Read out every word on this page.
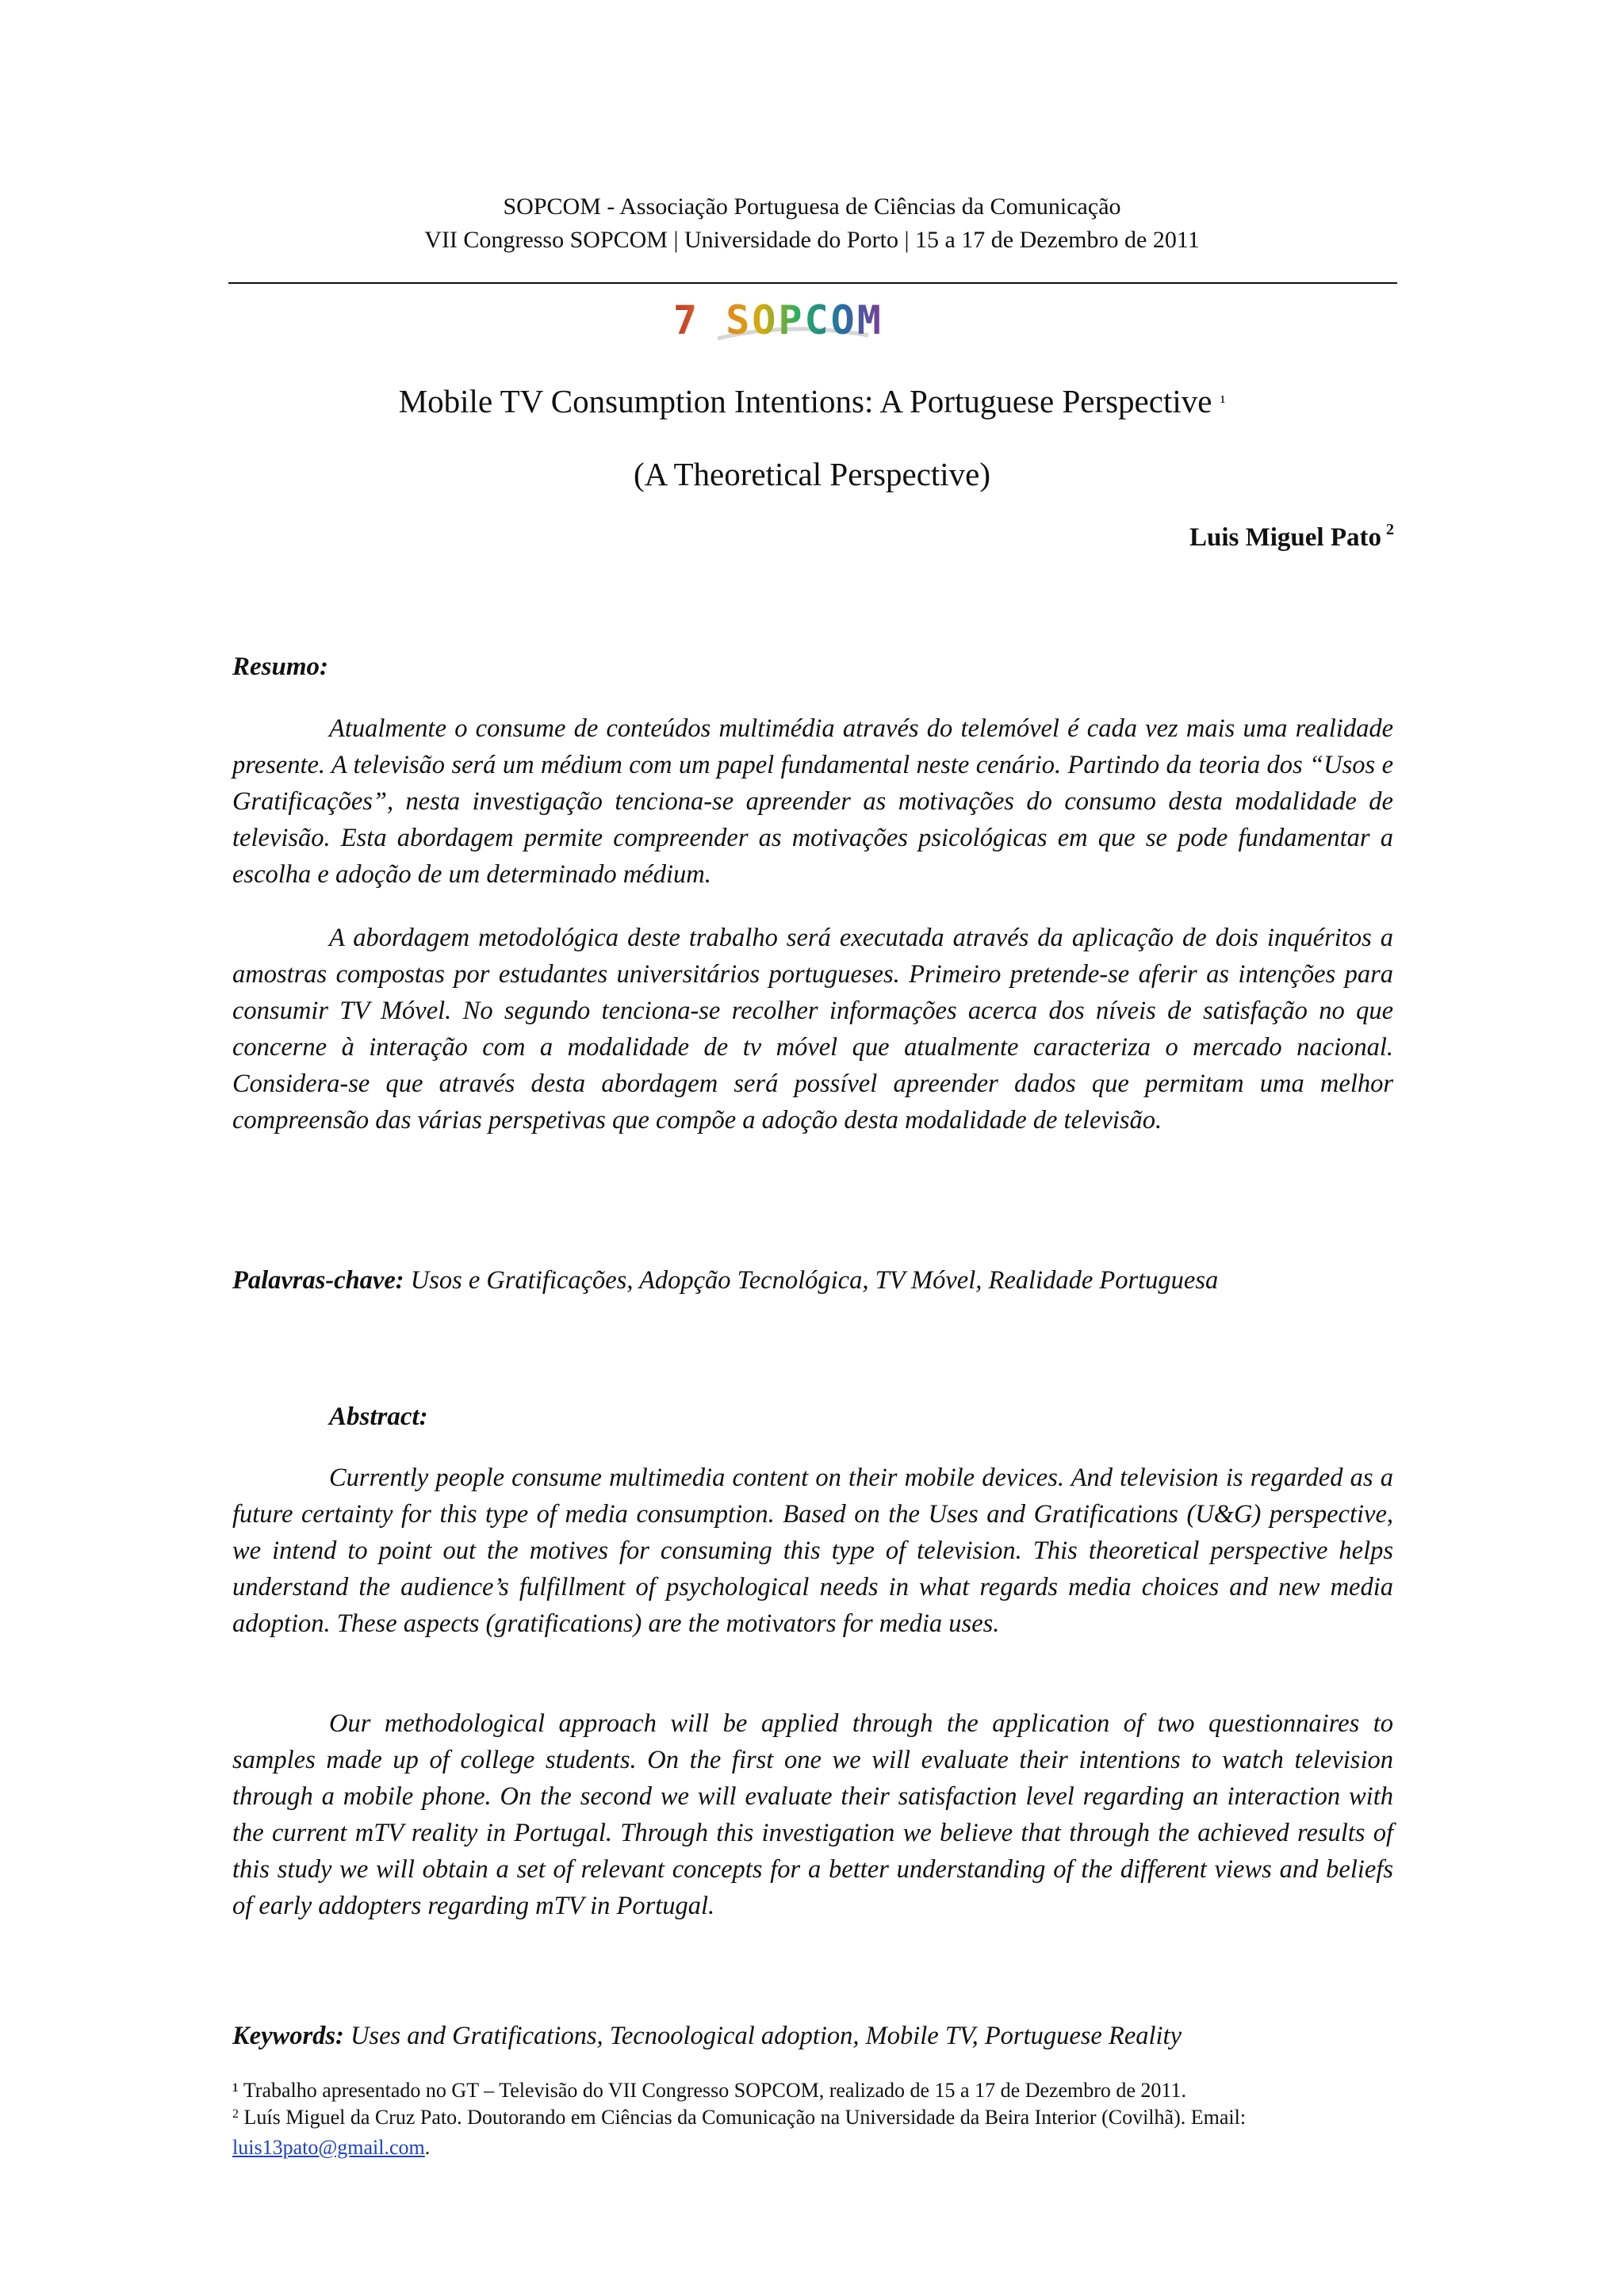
SOPCOM - Associação Portuguesa de Ciências da Comunicação
VII Congresso SOPCOM | Universidade do Porto | 15 a 17 de Dezembro de 2011
7 SOPCOM
Mobile TV Consumption Intentions: A Portuguese Perspective $^{^1}$
(A Theoretical Perspective)
Luis Miguel Pato $^2$
Resumo:
Atualmente o consume de conteúdos multimédia através do telemóvel é cada vez mais uma realidade presente. A televisão será um médium com um papel fundamental neste cenário. Partindo da teoria dos “Usos e Gratificações”, nesta investigação tenciona-se apreender as motivações do consumo desta modalidade de televisão. Esta abordagem permite compreender as motivações psicológicas em que se pode fundamentar a escolha e adoção de um determinado médium.
A abordagem metodológica deste trabalho será executada através da aplicação de dois inquéritos a amostras compostas por estudantes universitários portugueses. Primeiro pretende-se aferir as intenções para consumir TV Móvel. No segundo tenciona-se recolher informações acerca dos níveis de satisfação no que concerne à interação com a modalidade de tv móvel que atualmente caracteriza o mercado nacional. Considera-se que através desta abordagem será possível apreender dados que permitam uma melhor compreensão das várias perspetivas que compõe a adoção desta modalidade de televisão.
Palavras-chave: Usos e Gratificações, Adopção Tecnológica, TV Móvel, Realidade Portuguesa
Abstract:
Currently people consume multimedia content on their mobile devices. And television is regarded as a future certainty for this type of media consumption. Based on the Uses and Gratifications (U&G) perspective, we intend to point out the motives for consuming this type of television. This theoretical perspective helps understand the audience’s fulfillment of psychological needs in what regards media choices and new media adoption. These aspects (gratifications) are the motivators for media uses.
Our methodological approach will be applied through the application of two questionnaires to samples made up of college students. On the first one we will evaluate their intentions to watch television through a mobile phone. On the second we will evaluate their satisfaction level regarding an interaction with the current mTV reality in Portugal. Through this investigation we believe that through the achieved results of this study we will obtain a set of relevant concepts for a better understanding of the different views and beliefs of early addopters regarding mTV in Portugal.
Keywords: Uses and Gratifications, Tecnoological adoption, Mobile TV, Portuguese Reality
¹ Trabalho apresentado no GT – Televisão do VII Congresso SOPCOM, realizado de 15 a 17 de Dezembro de 2011.
$^2$ Luís Miguel da Cruz Pato. Doutorando em Ciências da Comunicação na Universidade da Beira Interior (Covilhã). Email:
luis13pato@gmail.com.
